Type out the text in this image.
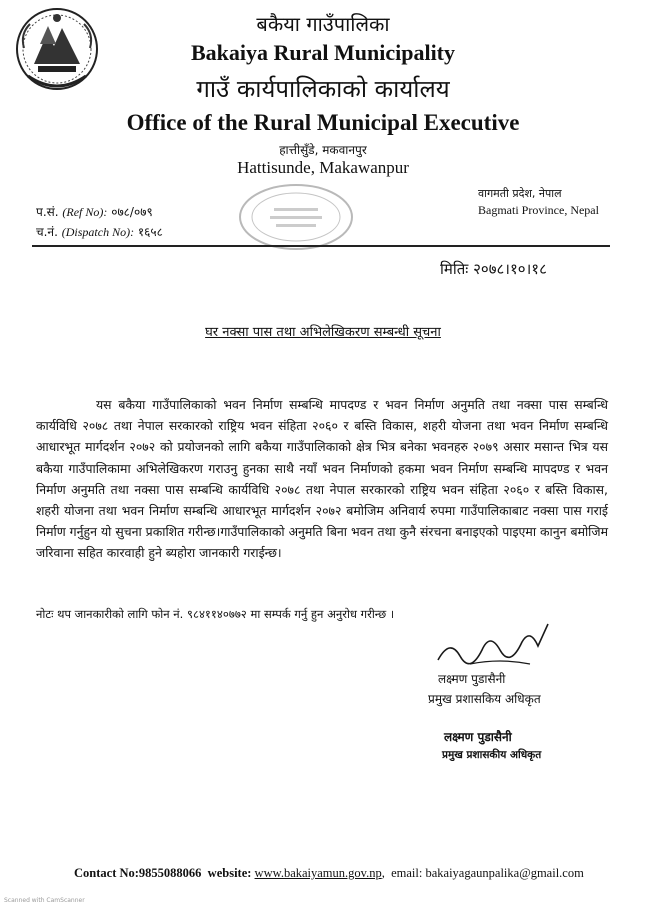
बकैया गाउँपालिका
Bakaiya Rural Municipality
गाउँ कार्यपालिकाको कार्यालय
Office of the Rural Municipal Executive
हात्तीसुँडे, मकवानपुर
Hattisunde, Makawanpur
वागमती प्रदेश, नेपाल
Bagmati Province, Nepal
प.सं. (Ref No): ०७८/०७९
च.नं. (Dispatch No): १६५८
मितिः २०७८।१०।१८
घर नक्सा पास तथा अभिलेखिकरण सम्बन्धी सूचना
यस बकैया गाउँपालिकाको भवन निर्माण सम्बन्धि मापदण्ड र भवन निर्माण अनुमति तथा नक्सा पास सम्बन्धि कार्यविधि २०७८ तथा नेपाल सरकारको राष्ट्रिय भवन संहिता २०६० र बस्ति विकास, शहरी योजना तथा भवन निर्माण सम्बन्धि आधारभूत मार्गदर्शन २०७२ को प्रयोजनको लागि बकैया गाउँपालिकाको क्षेत्र भित्र बनेका भवनहरु २०७९ असार मसान्त भित्र यस बकैया गाउँपालिकामा अभिलेखिकरण गराउनु हुनका साथै नयाँ भवन निर्माणको हकमा भवन निर्माण सम्बन्धि मापदण्ड र भवन निर्माण अनुमति तथा नक्सा पास सम्बन्धि कार्यविधि २०७८ तथा नेपाल सरकारको राष्ट्रिय भवन संहिता २०६० र बस्ति विकास, शहरी योजना तथा भवन निर्माण सम्बन्धि आधारभूत मार्गदर्शन २०७२ बमोजिम अनिवार्य रुपमा गाउँपालिकाबाट नक्सा पास गराई निर्माण गर्नुहुन यो सुचना प्रकाशित गरीन्छ।गाउँपालिकाको अनुमति बिना भवन तथा कुनै संरचना बनाइएको पाइएमा कानुन बमोजिम जरिवाना सहित कारवाही हुने ब्यहोरा जानकारी गराईन्छ।
नोटः थप जानकारीको लागि फोन नं. ९८४११४०७७२ मा सम्पर्क गर्नु हुन अनुरोध गरीन्छ ।
लक्ष्मण पुडासैनी
प्रमुख प्रशासकिय अधिकृत
लक्ष्मण पुडासैनी
प्रमुख प्रशासकीय अधिकृत
Contact No:9855088066 website: www.bakaiyamun.gov.np,  email: bakaiyagaunpalika@gmail.com
Scanned with CamScanner
